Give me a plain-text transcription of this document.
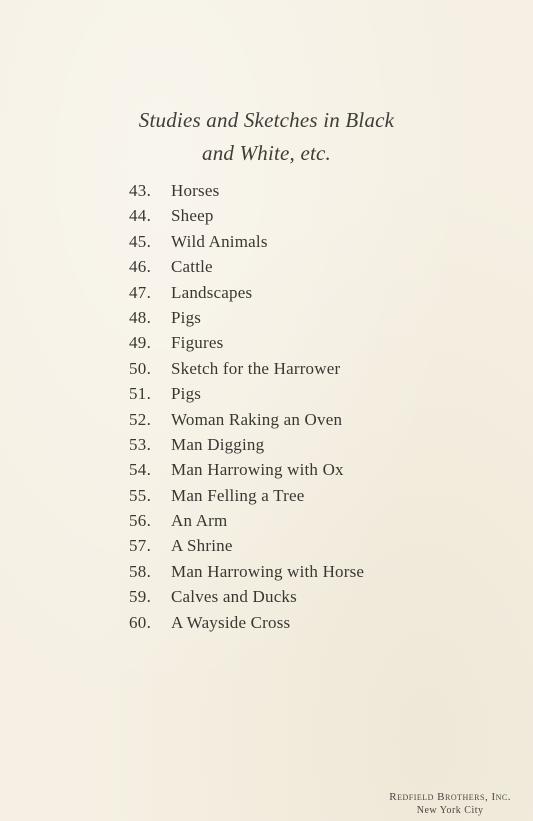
Studies and Sketches in Black
and White, etc.
43.	Horses
44.	Sheep
45.	Wild Animals
46.	Cattle
47.	Landscapes
48.	Pigs
49.	Figures
50.	Sketch for the Harrower
51.	Pigs
52.	Woman Raking an Oven
53.	Man Digging
54.	Man Harrowing with Ox
55.	Man Felling a Tree
56.	An Arm
57.	A Shrine
58.	Man Harrowing with Horse
59.	Calves and Ducks
60.	A Wayside Cross
Redfield Brothers, Inc.
New York City
